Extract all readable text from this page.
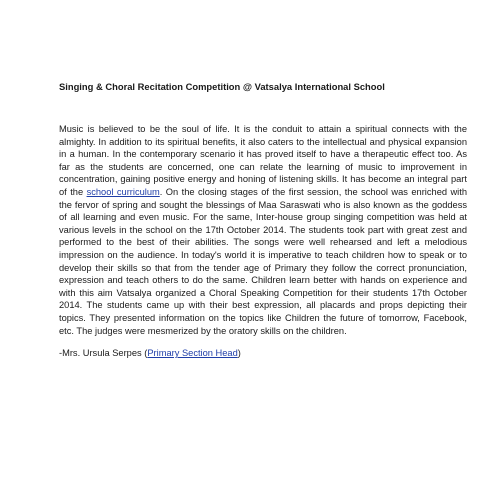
Singing & Choral Recitation Competition @ Vatsalya International School

Music is believed to be the soul of life. It is the conduit to attain a spiritual connects with the almighty. In addition to its spiritual benefits, it also caters to the intellectual and physical expansion in a human. In the contemporary scenario it has proved itself to have a therapeutic effect too. As far as the students are concerned, one can relate the learning of music to improvement in concentration, gaining positive energy and honing of listening skills. It has become an integral part of the school curriculum. On the closing stages of the first session, the school was enriched with the fervor of spring and sought the blessings of Maa Saraswati who is also known as the goddess of all learning and even music. For the same, Inter-house group singing competition was held at various levels in the school on the 17th October 2014. The students took part with great zest and performed to the best of their abilities. The songs were well rehearsed and left a melodious impression on the audience. In today's world it is imperative to teach children how to speak or to develop their skills so that from the tender age of Primary they follow the correct pronunciation, expression and teach others to do the same. Children learn better with hands on experience and with this aim Vatsalya organized a Choral Speaking Competition for their students 17th October 2014. The students came up with their best expression, all placards and props depicting their topics. They presented information on the topics like Children the future of tomorrow, Facebook, etc. The judges were mesmerized by the oratory skills on the children.

-Mrs. Ursula Serpes (Primary Section Head)
